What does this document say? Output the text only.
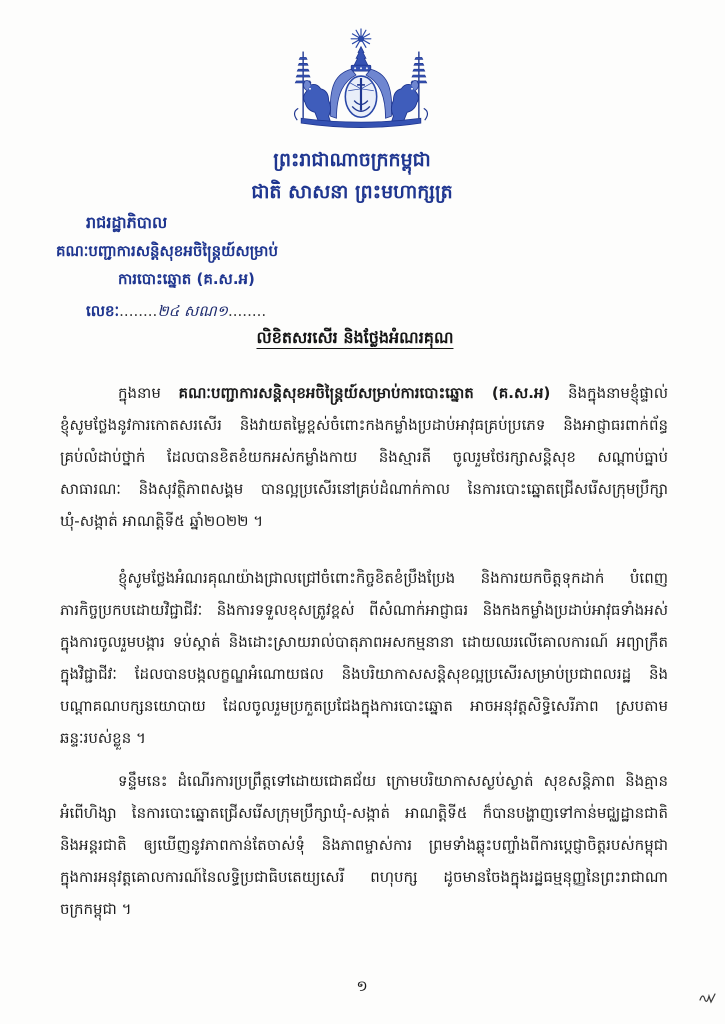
ព្រះរាជាណាចក្រកម្ពុជា
ជាតិ សាសនា ព្រះមហាក្សត្រ
រាជរដ្ឋាភិបាល
គណៈបញ្ជាការសន្តិសុខអចិន្ត្រៃយ៍សម្រាប់
ការបោះឆ្នោត (គ.ស.អ)
លេខៈ........២៤ សណ១........
លិខិតសរសើរ និងថ្លែងអំណរគុណ
ក្នុងនាម គណៈបញ្ជាការសន្តិសុខអចិន្ត្រៃយ៍សម្រាប់ការបោះឆ្នោត (គ.ស.អ) និងក្នុងនាមខ្ញុំផ្ទាល់
ខ្ញុំសូមថ្លែងនូវការកោតសរសើរ និងវាយតម្លៃខ្ពស់ចំពោះកងកម្លាំងប្រដាប់អាវុធគ្រប់ប្រភេទ និងអាជ្ញាធរពាក់ព័ន្ធ
គ្រប់លំដាប់ថ្នាក់ ដែលបានខិតខំយកអស់កម្លាំងកាយ និងស្មារតី ចូលរួមថែរក្សាសន្តិសុខ សណ្តាប់ធ្នាប់
សាធារណៈ និងសុវត្ថិភាពសង្គម បានល្អប្រសើរនៅគ្រប់ដំណាក់កាល នៃការបោះឆ្នោតជ្រើសរើសក្រុមប្រឹក្សា
ឃុំ-សង្កាត់ អាណត្តិទី៥ ឆ្នាំ២០២២ ។
ខ្ញុំសូមថ្លែងអំណរគុណយ៉ាងជ្រាលជ្រៅចំពោះកិច្ចខិតខំប្រឹងប្រែង និងការយកចិត្តទុកដាក់ បំពេញ
ភារកិច្ចប្រកបដោយវិជ្ជាជីវៈ និងការទទួលខុសត្រូវខ្ពស់ ពីសំណាក់អាជ្ញាធរ និងកងកម្លាំងប្រដាប់អាវុធទាំងអស់
ក្នុងការចូលរួមបង្ការ ទប់ស្កាត់ និងដោះស្រាយរាល់បាតុភាពអសកម្មនានា ដោយឈរលើគោលការណ៍ អព្យាក្រឹត
ក្នុងវិជ្ជាជីវៈ ដែលបានបង្កលក្ខណ្ឌអំណោយផល និងបរិយាកាសសន្តិសុខល្អប្រសើរសម្រាប់ប្រជាពលរដ្ឋ និង
បណ្តាគណបក្សនយោបាយ ដែលចូលរួមប្រកួតប្រជែងក្នុងការបោះឆ្នោត អាចអនុវត្តសិទ្ធិសេរីភាព ស្របតាម
ឆន្ទៈរបស់ខ្លួន ។
ទន្ទឹមនេះ ដំណើរការប្រព្រឹត្តទៅដោយជោគជ័យ ក្រោមបរិយាកាសស្ងប់ស្ងាត់ សុខសន្តិភាព និងគ្មាន
អំពើហិង្សា នៃការបោះឆ្នោតជ្រើសរើសក្រុមប្រឹក្សាឃុំ-សង្កាត់ អាណត្តិទី៥ ក៏បានបង្ហាញទៅកាន់មជ្ឈដ្ឋានជាតិ
និងអន្តរជាតិ ឲ្យឃើញនូវភាពកាន់តែចាស់ទុំ និងភាពម្ចាស់ការ ព្រមទាំងឆ្លុះបញ្ចាំងពីការប្តេជ្ញាចិត្តរបស់កម្ពុជា
ក្នុងការអនុវត្តគោលការណ៍នៃលទ្ធិប្រជាធិបតេយ្យសេរី ពហុបក្ស ដូចមានចែងក្នុងរដ្ឋធម្មនុញ្ញនៃព្រះរាជាណា
ចក្រកម្ពុជា ។
១
